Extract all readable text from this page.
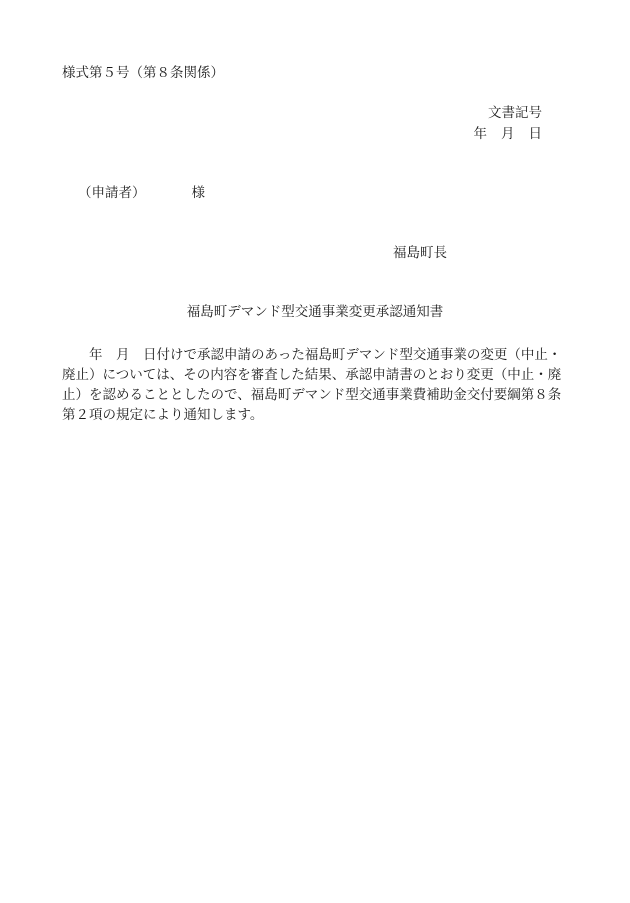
様式第５号（第８条関係）
文書記号
年 月 日
（申請者）	様
福島町長
福島町デマンド型交通事業変更承認通知書
　　年　月　日付けで承認申請のあった福島町デマンド型交通事業の変更（中止・
廃止）については、その内容を審査した結果、承認申請書のとおり変更（中止・廃
止）を認めることとしたので、福島町デマンド型交通事業費補助金交付要綱第８条
第２項の規定により通知します。
